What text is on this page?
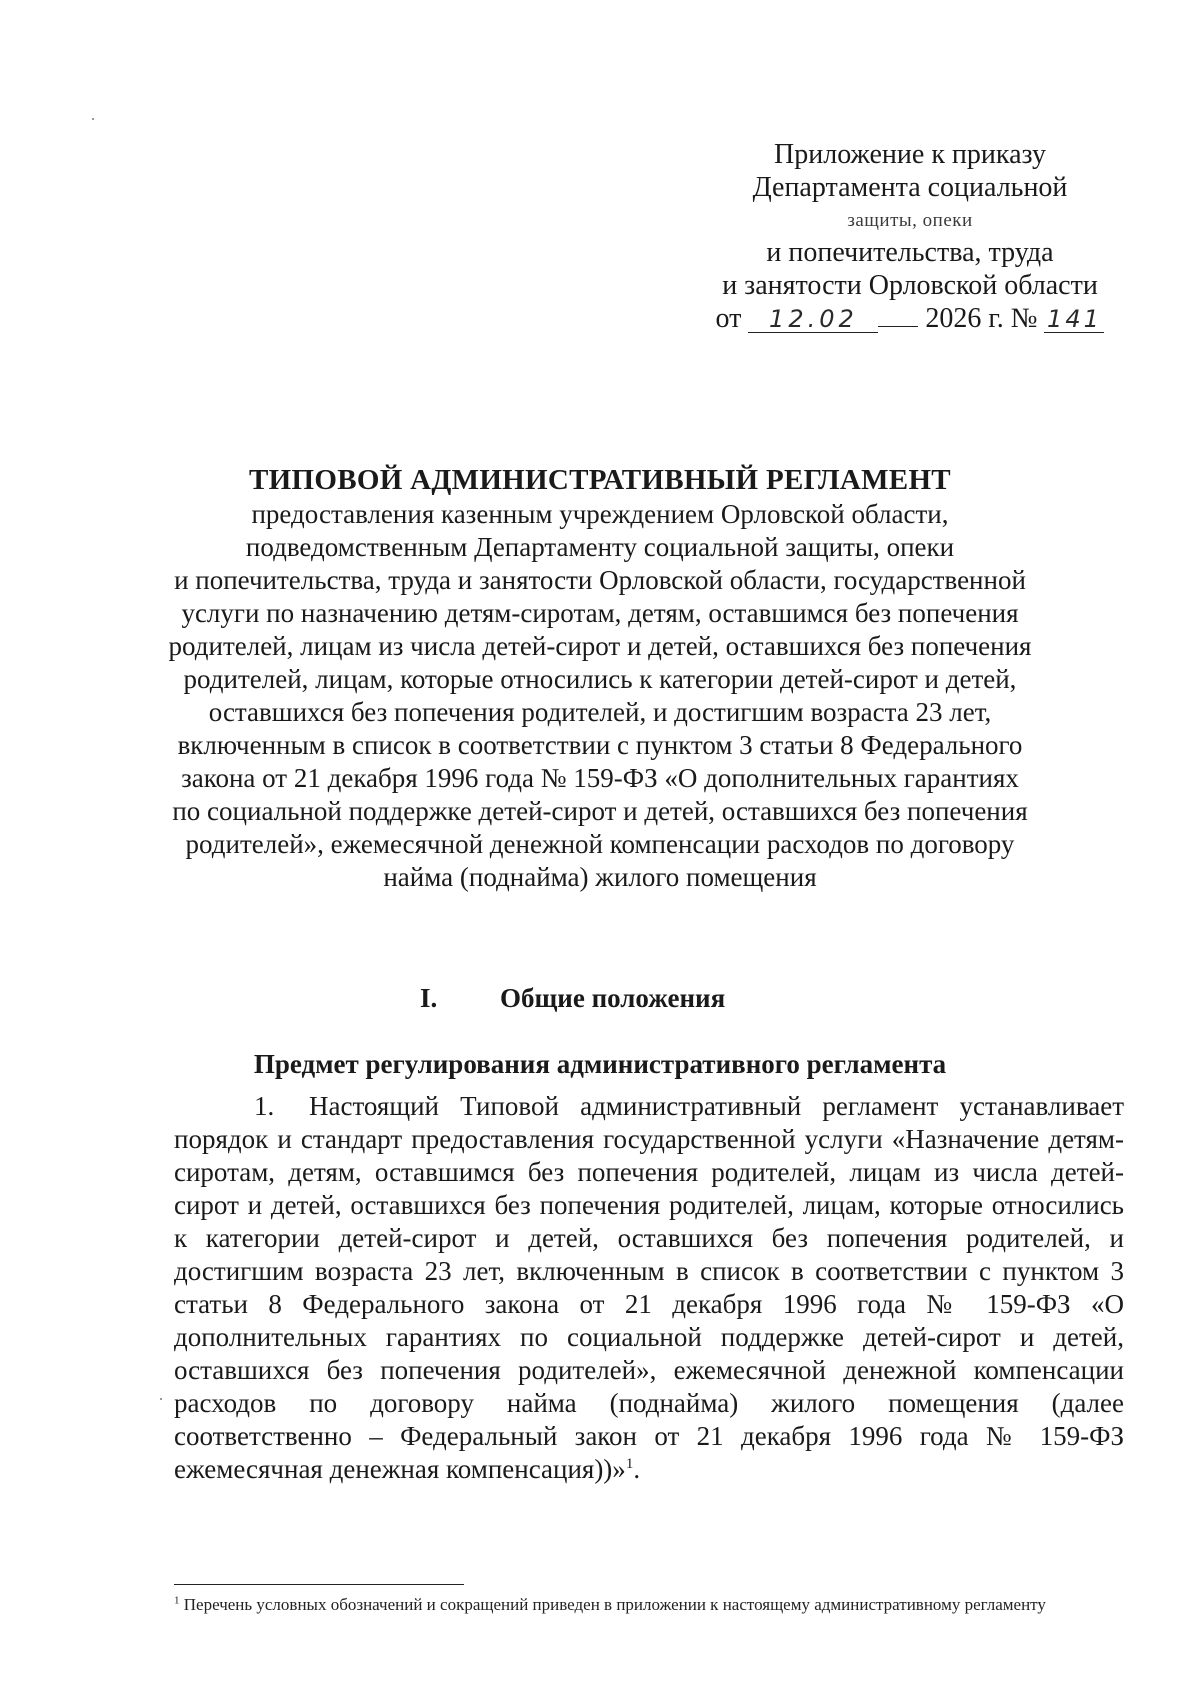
Приложение к приказу
Департамента социальной
защиты, опеки
и попечительства, труда
и занятости Орловской области
от 12.02 2026 г. № 141
ТИПОВОЙ АДМИНИСТРАТИВНЫЙ РЕГЛАМЕНТ
предоставления казенным учреждением Орловской области,
подведомственным Департаменту социальной защиты, опеки
и попечительства, труда и занятости Орловской области, государственной
услуги по назначению детям-сиротам, детям, оставшимся без попечения
родителей, лицам из числа детей-сирот и детей, оставшихся без попечения
родителей, лицам, которые относились к категории детей-сирот и детей,
оставшихся без попечения родителей, и достигшим возраста 23 лет,
включенным в список в соответствии с пунктом 3 статьи 8 Федерального
закона от 21 декабря 1996 года № 159-ФЗ «О дополнительных гарантиях
по социальной поддержке детей-сирот и детей, оставшихся без попечения
родителей», ежемесячной денежной компенсации расходов по договору
найма (поднайма) жилого помещения
I. Общие положения
Предмет регулирования административного регламента
1. Настоящий Типовой административный регламент устанавливает порядок и стандарт предоставления государственной услуги «Назначение детям-сиротам, детям, оставшимся без попечения родителей, лицам из числа детей-сирот и детей, оставшихся без попечения родителей, лицам, которые относились к категории детей-сирот и детей, оставшихся без попечения родителей, и достигшим возраста 23 лет, включенным в список в соответствии с пунктом 3 статьи 8 Федерального закона от 21 декабря 1996 года № 159-ФЗ «О дополнительных гарантиях по социальной поддержке детей-сирот и детей, оставшихся без попечения родителей», ежемесячной денежной компенсации расходов по договору найма (поднайма) жилого помещения (далее соответственно – Федеральный закон от 21 декабря 1996 года № 159-ФЗ ежемесячная денежная компенсация))»$^1$.
$^1$ Перечень условных обозначений и сокращений приведен в приложении к настоящему административному регламенту
